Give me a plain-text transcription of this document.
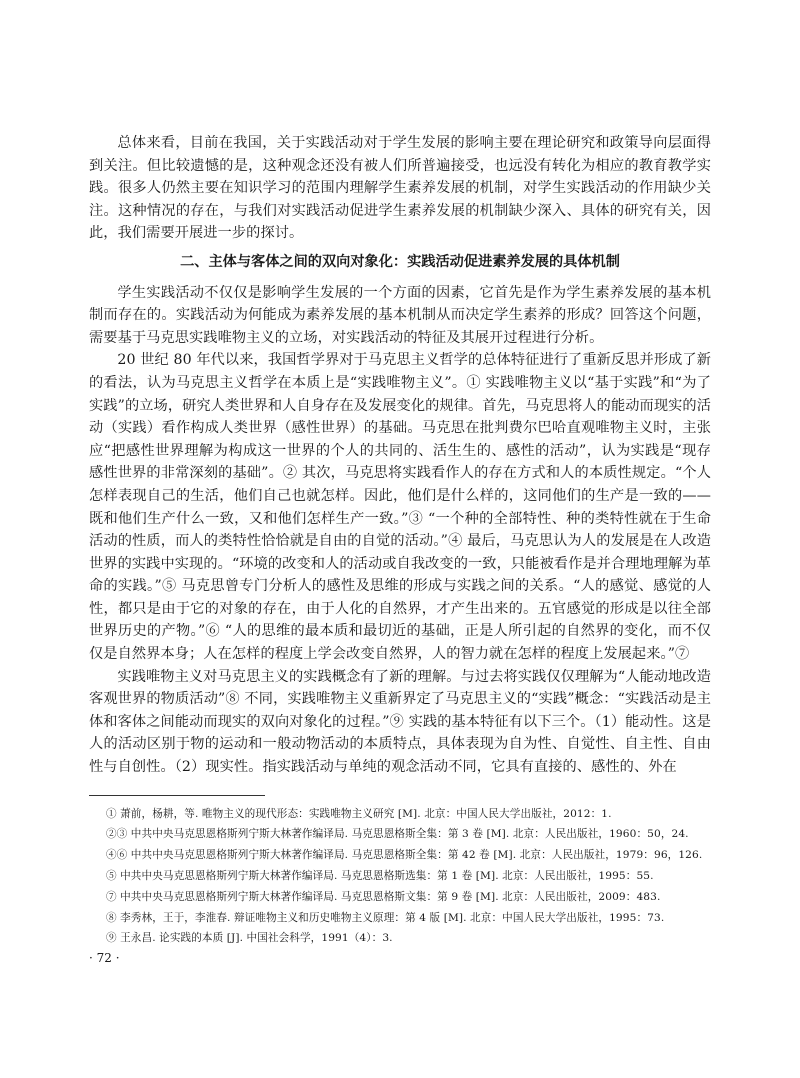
总体来看，目前在我国，关于实践活动对于学生发展的影响主要在理论研究和政策导向层面得到关注。但比较遗憾的是，这种观念还没有被人们所普遍接受，也远没有转化为相应的教育教学实践。很多人仍然主要在知识学习的范围内理解学生素养发展的机制，对学生实践活动的作用缺少关注。这种情况的存在，与我们对实践活动促进学生素养发展的机制缺少深入、具体的研究有关，因此，我们需要开展进一步的探讨。

二、主体与客体之间的双向对象化：实践活动促进素养发展的具体机制

学生实践活动不仅仅是影响学生发展的一个方面的因素，它首先是作为学生素养发展的基本机制而存在的。实践活动为何能成为素养发展的基本机制从而决定学生素养的形成？回答这个问题，需要基于马克思实践唯物主义的立场，对实践活动的特征及其展开过程进行分析。

20 世纪 80 年代以来，我国哲学界对于马克思主义哲学的总体特征进行了重新反思并形成了新的看法，认为马克思主义哲学在本质上是“实践唯物主义”。① 实践唯物主义以“基于实践”和“为了实践”的立场，研究人类世界和人自身存在及发展变化的规律。首先，马克思将人的能动而现实的活动（实践）看作构成人类世界（感性世界）的基础。马克思在批判费尔巴哈直观唯物主义时，主张应“把感性世界理解为构成这一世界的个人的共同的、活生生的、感性的活动”，认为实践是“现存感性世界的非常深刻的基础”。② 其次，马克思将实践看作人的存在方式和人的本质性规定。“个人怎样表现自己的生活，他们自己也就怎样。因此，他们是什么样的，这同他们的生产是一致的——既和他们生产什么一致，又和他们怎样生产一致。”③ “一个种的全部特性、种的类特性就在于生命活动的性质，而人的类特性恰恰就是自由的自觉的活动。”④ 最后，马克思认为人的发展是在人改造世界的实践中实现的。“环境的改变和人的活动或自我改变的一致，只能被看作是并合理地理解为革命的实践。”⑤ 马克思曾专门分析人的感性及思维的形成与实践之间的关系。“人的感觉、感觉的人性，都只是由于它的对象的存在，由于人化的自然界，才产生出来的。五官感觉的形成是以往全部世界历史的产物。”⑥ “人的思维的最本质和最切近的基础，正是人所引起的自然界的变化，而不仅仅是自然界本身；人在怎样的程度上学会改变自然界，人的智力就在怎样的程度上发展起来。”⑦

实践唯物主义对马克思主义的实践概念有了新的理解。与过去将实践仅仅理解为“人能动地改造客观世界的物质活动”⑧ 不同，实践唯物主义重新界定了马克思主义的“实践”概念：“实践活动是主体和客体之间能动而现实的双向对象化的过程。”⑨ 实践的基本特征有以下三个。（1）能动性。这是人的活动区别于物的运动和一般动物活动的本质特点，具体表现为自为性、自觉性、自主性、自由性与自创性。（2）现实性。指实践活动与单纯的观念活动不同，它具有直接的、感性的、外在

① 萧前，杨耕，等. 唯物主义的现代形态：实践唯物主义研究 [M]. 北京：中国人民大学出版社，2012：1.
②③ 中共中央马克思恩格斯列宁斯大林著作编译局. 马克思恩格斯全集：第 3 卷 [M]. 北京：人民出版社，1960：50，24.
④⑥ 中共中央马克思恩格斯列宁斯大林著作编译局. 马克思恩格斯全集：第 42 卷 [M]. 北京：人民出版社，1979：96，126.
⑤ 中共中央马克思恩格斯列宁斯大林著作编译局. 马克思恩格斯选集：第 1 卷 [M]. 北京：人民出版社，1995：55.
⑦ 中共中央马克思恩格斯列宁斯大林著作编译局. 马克思恩格斯文集：第 9 卷 [M]. 北京：人民出版社，2009：483.
⑧ 李秀林，王于，李淮春. 辩证唯物主义和历史唯物主义原理：第 4 版 [M]. 北京：中国人民大学出版社，1995：73.
⑨ 王永昌. 论实践的本质 [J]. 中国社会科学，1991（4）：3.
· 72 ·
